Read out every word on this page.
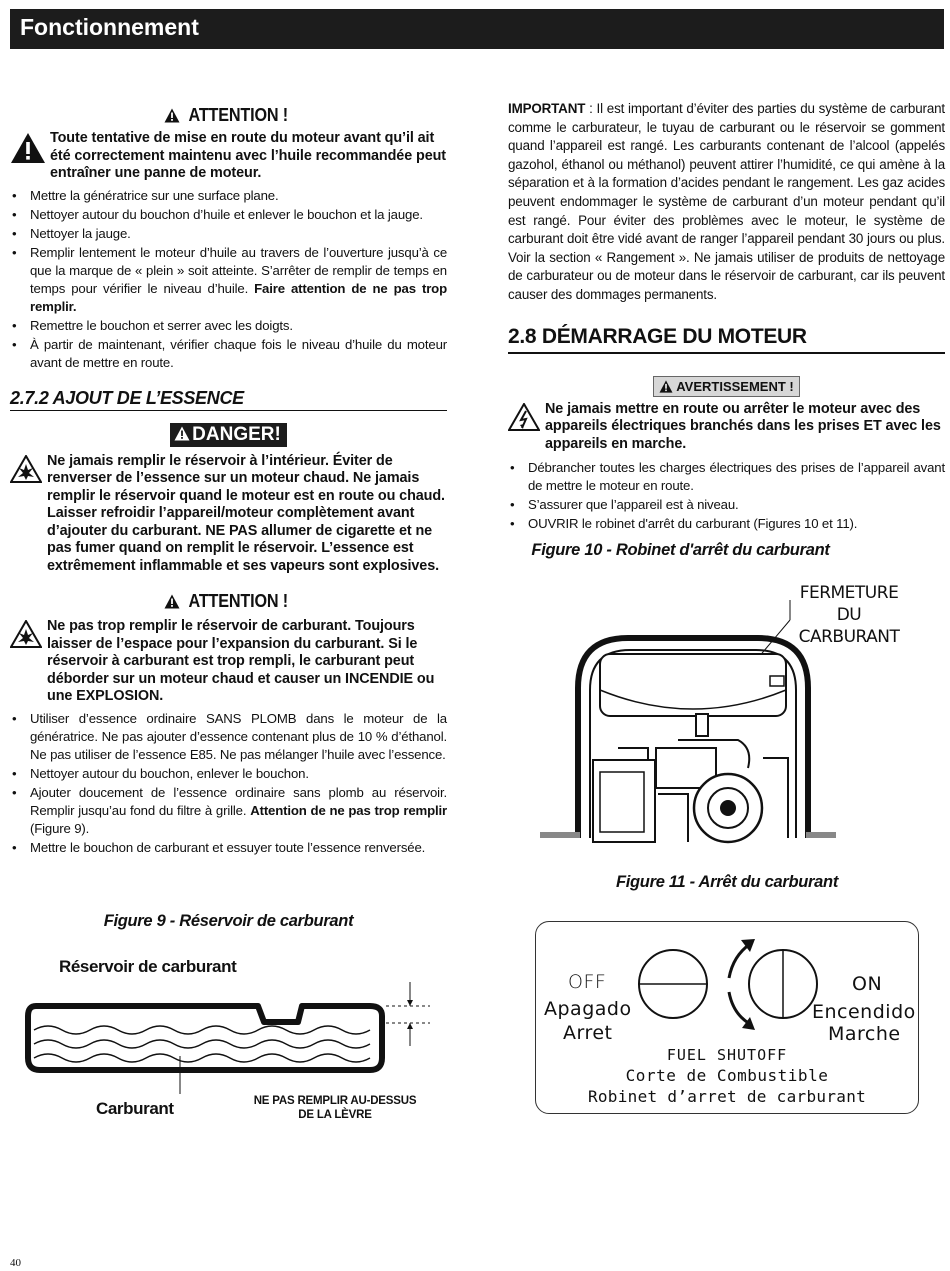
Fonctionnement
ATTENTION !
Toute tentative de mise en route du moteur avant qu’il ait été correctement maintenu avec l’huile recommandée peut entraîner une panne de moteur.
• Mettre la génératrice sur une surface plane.
• Nettoyer autour du bouchon d’huile et enlever le bouchon et la jauge.
• Nettoyer la jauge.
• Remplir lentement le moteur d’huile au travers de l’ouverture jusqu’à ce que la marque de « plein » soit atteinte. S’arrêter de remplir de temps en temps pour vérifier le niveau d’huile. Faire attention de ne pas trop remplir.
• Remettre le bouchon et serrer avec les doigts.
• À partir de maintenant, vérifier chaque fois le niveau d’huile du moteur avant de mettre en route.
2.7.2 AJOUT DE L’ESSENCE
DANGER!
Ne jamais remplir le réservoir à l’intérieur. Éviter de renverser de l’essence sur un moteur chaud. Ne jamais remplir le réservoir quand le moteur est en route ou chaud. Laisser refroidir l’appareil/moteur complètement avant d’ajouter du carburant. NE PAS allumer de cigarette et ne pas fumer quand on remplit le réservoir. L’essence est extrêmement inflammable et ses vapeurs sont explosives.
ATTENTION !
Ne pas trop remplir le réservoir de carburant. Toujours laisser de l’espace pour l’expansion du carburant. Si le réservoir à carburant est trop rempli, le carburant peut déborder sur un moteur chaud et causer un INCENDIE ou une EXPLOSION.
• Utiliser d’essence ordinaire SANS PLOMB dans le moteur de la génératrice. Ne pas ajouter d’essence contenant plus de 10 % d’éthanol. Ne pas utiliser de l’essence E85. Ne pas mélanger l’huile avec l’essence.
• Nettoyer autour du bouchon, enlever le bouchon.
• Ajouter doucement de l’essence ordinaire sans plomb au réservoir. Remplir jusqu’au fond du filtre à grille. Attention de ne pas trop remplir (Figure 9).
• Mettre le bouchon de carburant et essuyer toute l’essence renversée.
Figure 9 - Réservoir de carburant
Réservoir de carburant
Carburant	NE PAS REMPLIR AU-DESSUS
DE LA LÈVRE

IMPORTANT : Il est important d’éviter des parties du système de carburant comme le carburateur, le tuyau de carburant ou le réservoir se gomment quand l’appareil est rangé. Les carburants contenant de l’alcool (appelés gazohol, éthanol ou méthanol) peuvent attirer l’humidité, ce qui amène à la séparation et à la formation d’acides pendant le rangement. Les gaz acides peuvent endommager le système de carburant d’un moteur pendant qu’il est rangé. Pour éviter des problèmes avec le moteur, le système de carburant doit être vidé avant de ranger l’appareil pendant 30 jours ou plus. Voir la section « Rangement ». Ne jamais utiliser de produits de nettoyage de carburateur ou de moteur dans le réservoir de carburant, car ils peuvent causer des dommages permanents.

2.8 DÉMARRAGE DU MOTEUR
AVERTISSEMENT !
Ne jamais mettre en route ou arrêter le moteur avec des appareils électriques branchés dans les prises ET avec les appareils en marche.
• Débrancher toutes les charges électriques des prises de l’appareil avant de mettre le moteur en route.
• S’assurer que l’appareil est à niveau.
• OUVRIR le robinet d'arrêt du carburant (Figures 10 et 11).
Figure 10 - Robinet d'arrêt du carburant
FERMETURE DU
CARBURANT
Figure 11 - Arrêt du carburant
OFF
Apagado
Arret
ON
Encendido
Marche
FUEL SHUTOFF
Corte de Combustible
Robinet d’arret de carburant
40
